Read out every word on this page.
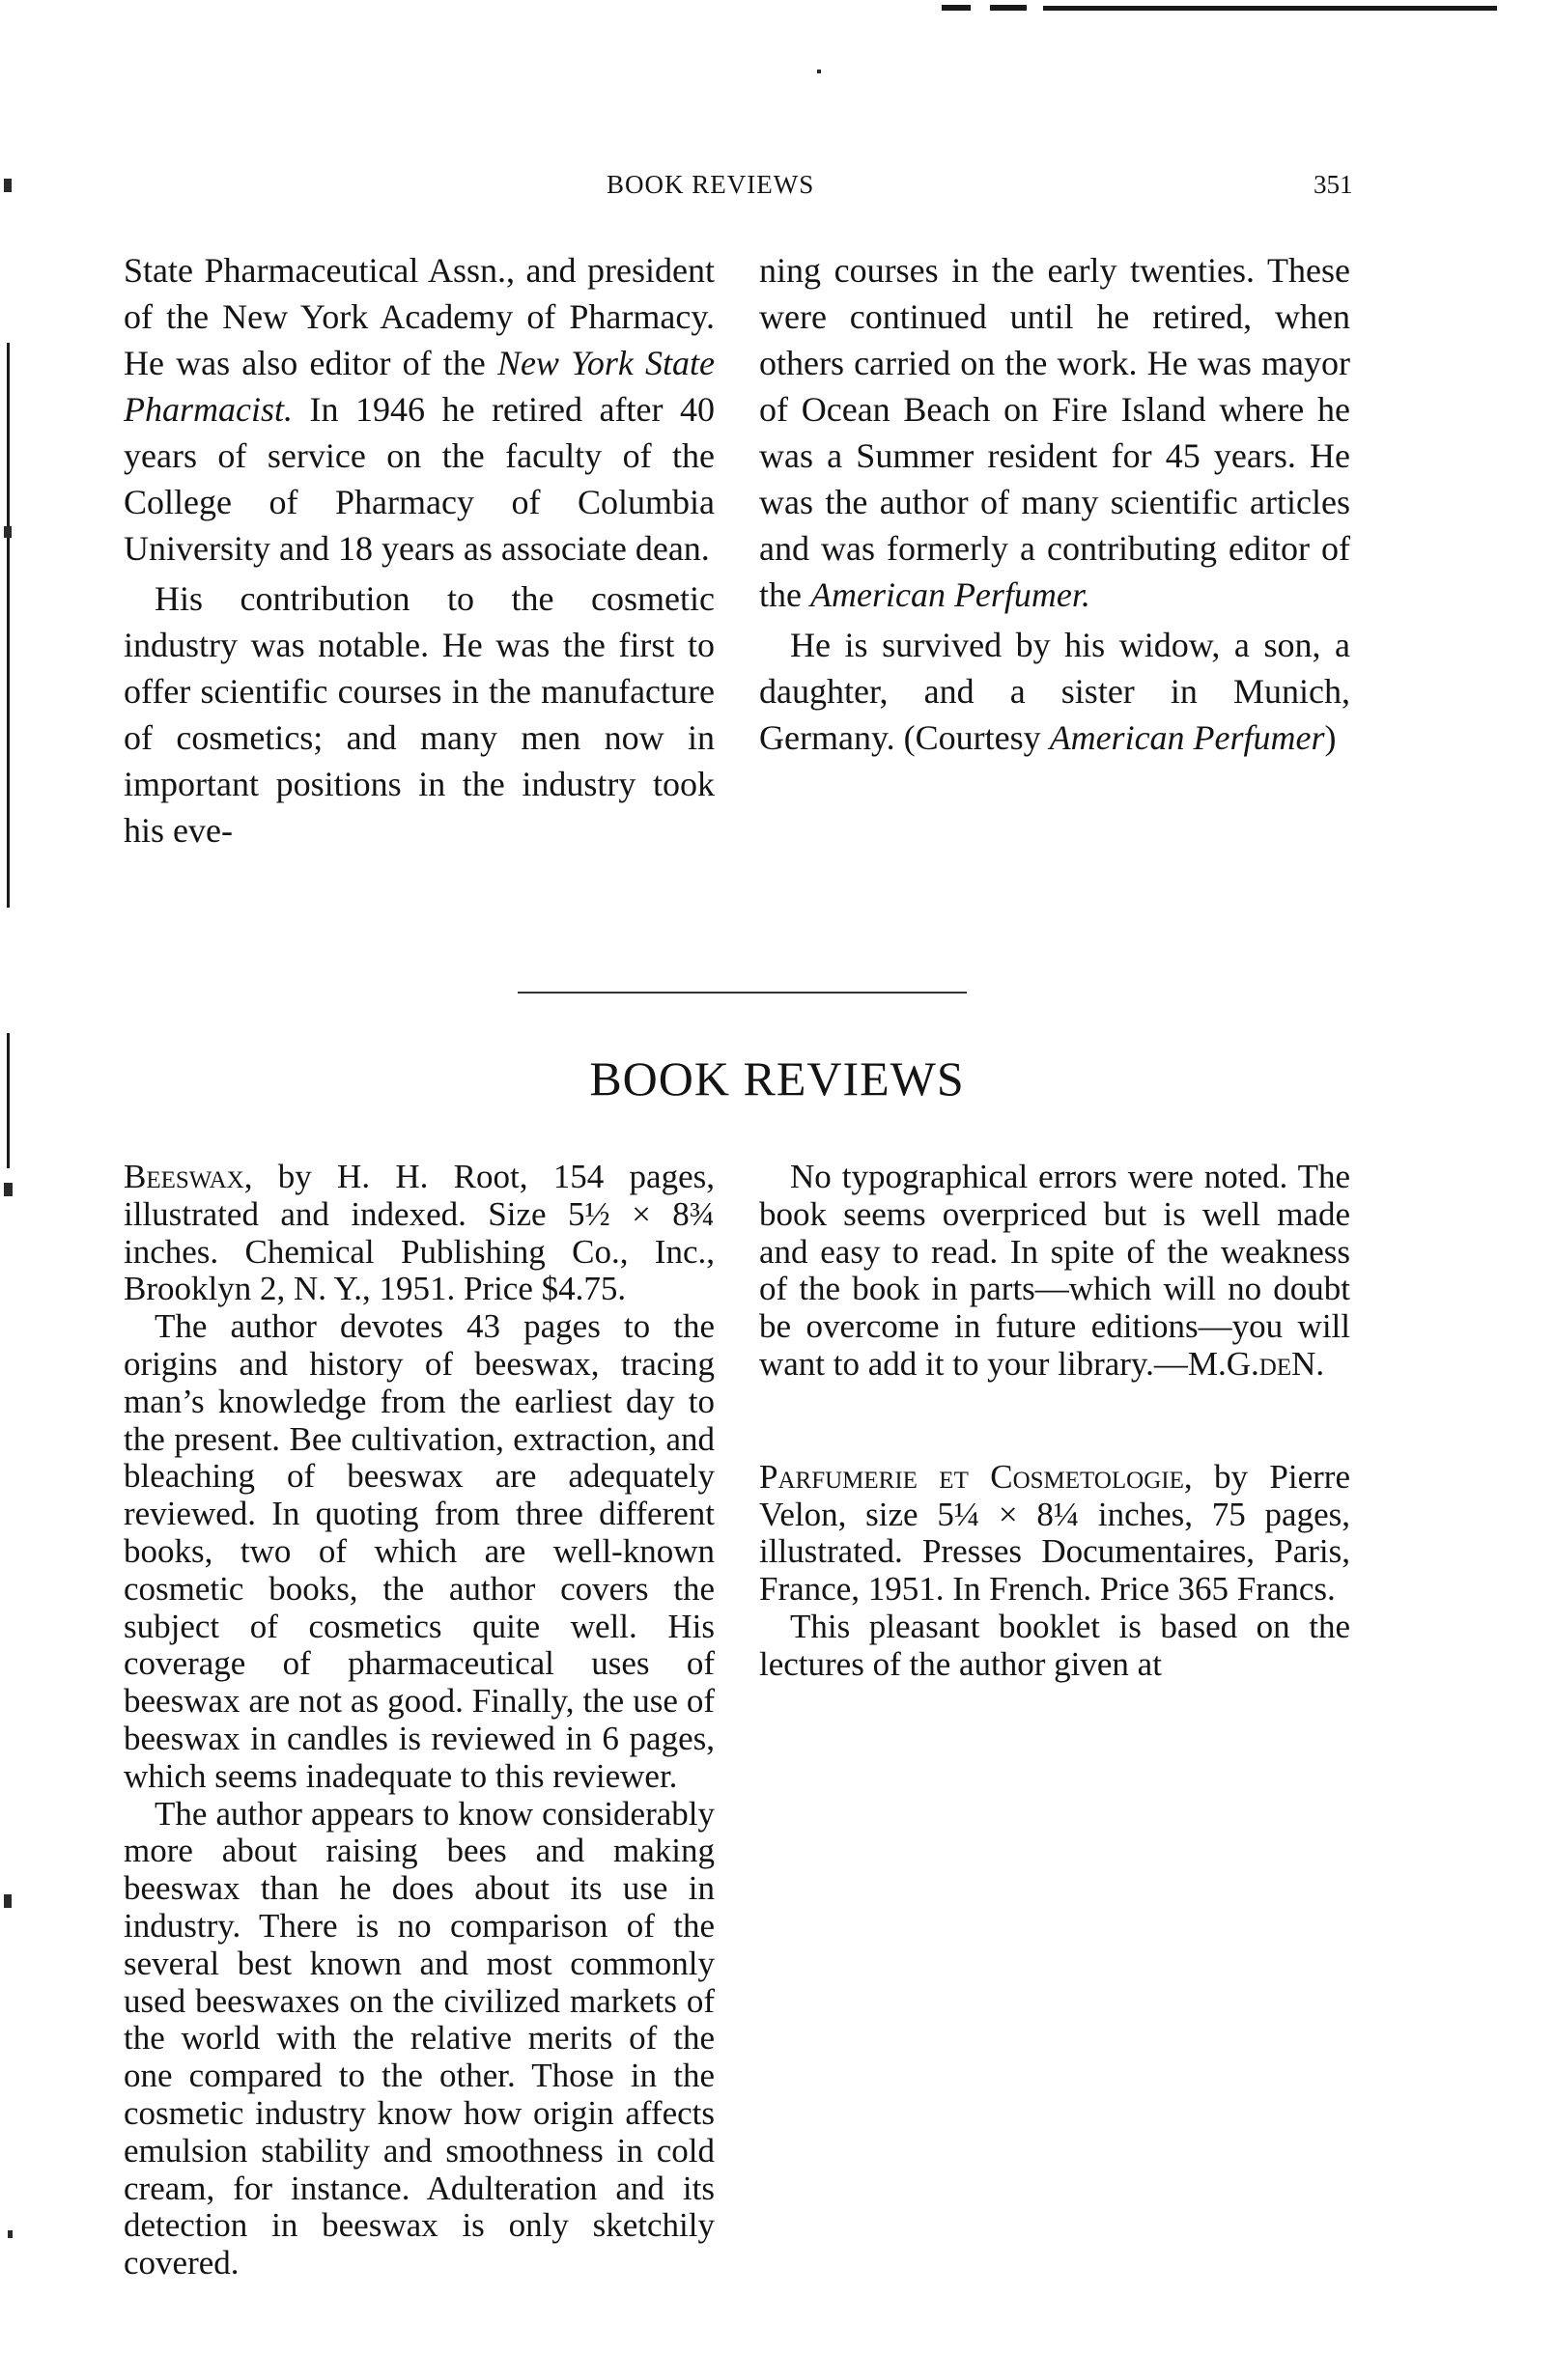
BOOK REVIEWS	351

State Pharmaceutical Assn., and president of the New York Academy of Pharmacy. He was also editor of the New York State Pharmacist. In 1946 he retired after 40 years of service on the faculty of the College of Pharmacy of Columbia University and 18 years as associate dean.

His contribution to the cosmetic industry was notable. He was the first to offer scientific courses in the manufacture of cosmetics; and many men now in important positions in the industry took his eve-

ning courses in the early twenties. These were continued until he retired, when others carried on the work. He was mayor of Ocean Beach on Fire Island where he was a Summer resident for 45 years. He was the author of many scientific articles and was formerly a contributing editor of the American Perfumer.

He is survived by his widow, a son, a daughter, and a sister in Munich, Germany. (Courtesy American Perfumer)

BOOK REVIEWS

Beeswax, by H. H. Root, 154 pages, illustrated and indexed. Size 5½ × 8¾ inches. Chemical Publishing Co., Inc., Brooklyn 2, N. Y., 1951. Price $4.75.

The author devotes 43 pages to the origins and history of beeswax, tracing man’s knowledge from the earliest day to the present. Bee cultivation, extraction, and bleaching of beeswax are adequately reviewed. In quoting from three different books, two of which are well-known cosmetic books, the author covers the subject of cosmetics quite well. His coverage of pharmaceutical uses of beeswax are not as good. Finally, the use of beeswax in candles is reviewed in 6 pages, which seems inadequate to this reviewer.

The author appears to know considerably more about raising bees and making beeswax than he does about its use in industry. There is no comparison of the several best known and most commonly used beeswaxes on the civilized markets of the world with the relative merits of the one compared to the other. Those in the cosmetic industry know how origin affects emulsion stability and smoothness in cold cream, for instance. Adulteration and its detection in beeswax is only sketchily covered.

No typographical errors were noted. The book seems overpriced but is well made and easy to read. In spite of the weakness of the book in parts—which will no doubt be overcome in future editions—you will want to add it to your library.—M.G.deN.

Parfumerie et Cosmetologie, by Pierre Velon, size 5¼ × 8¼ inches, 75 pages, illustrated. Presses Documentaires, Paris, France, 1951. In French. Price 365 Francs.

This pleasant booklet is based on the lectures of the author given at
